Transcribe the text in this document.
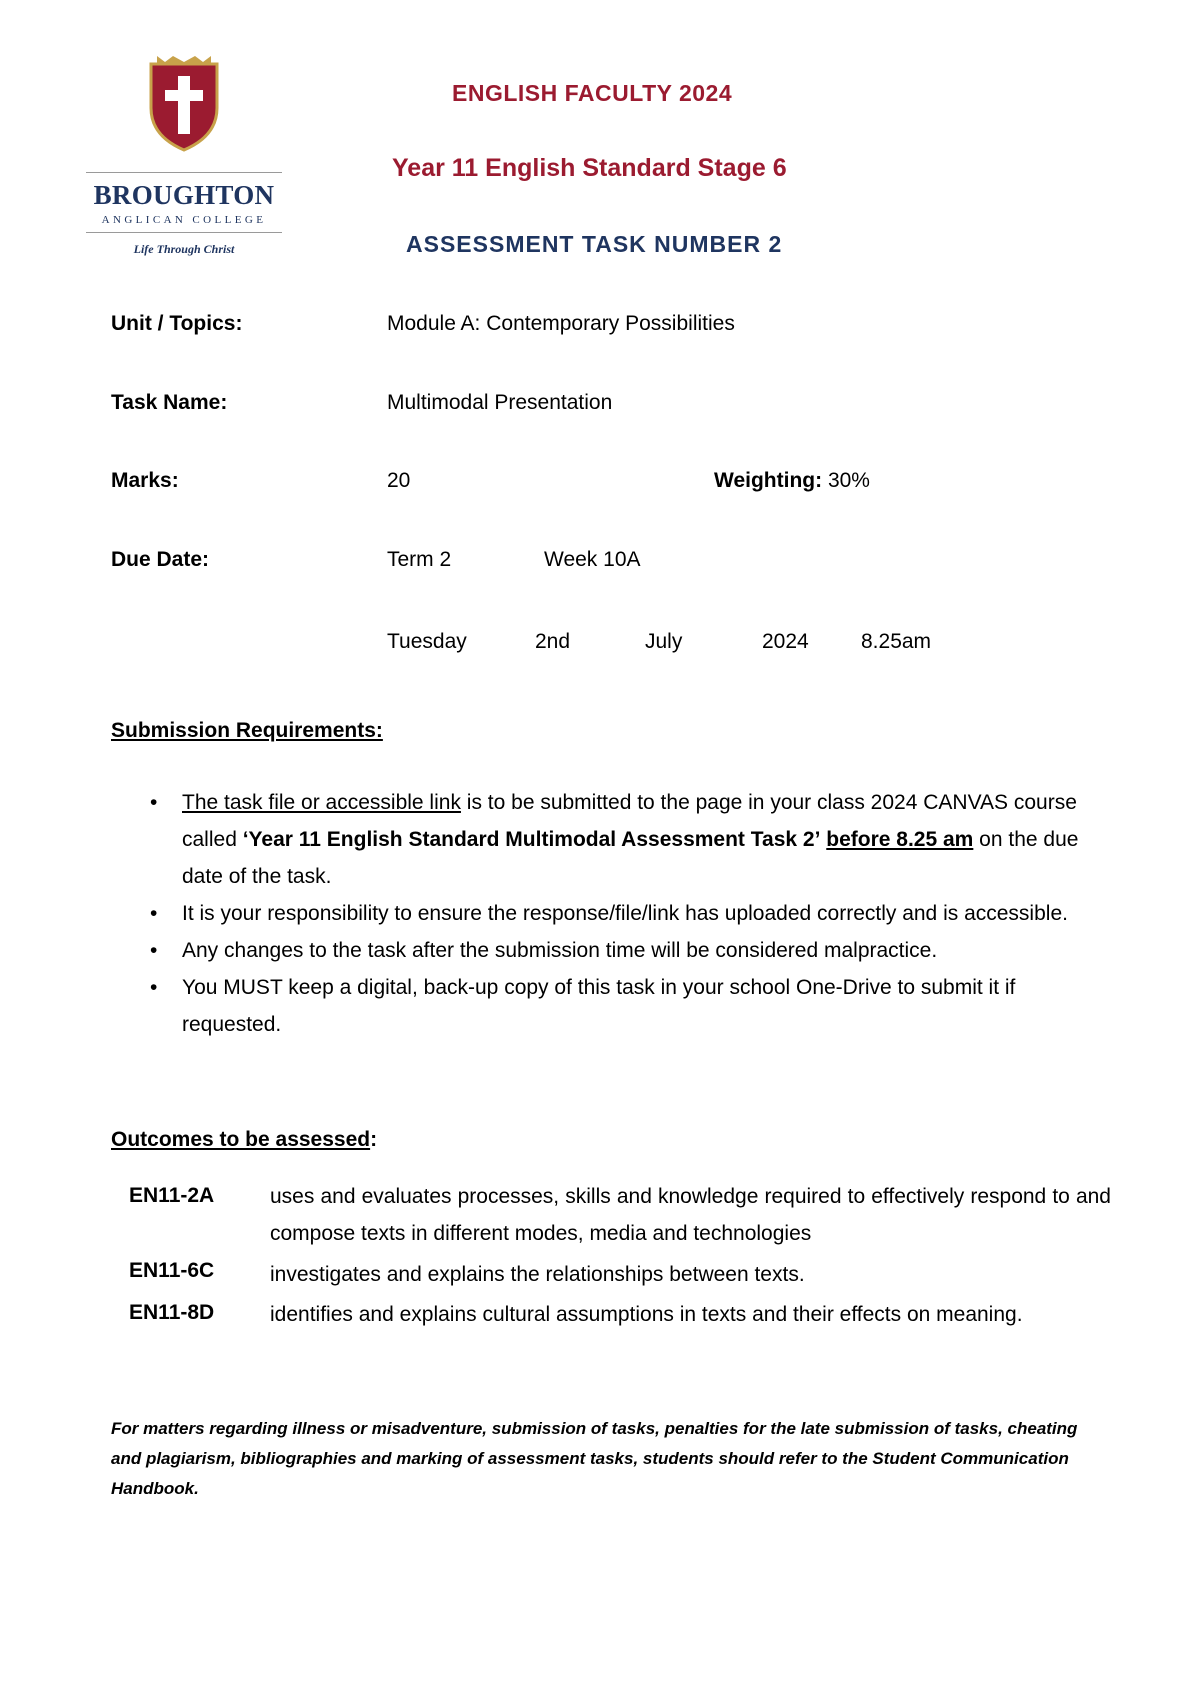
BROUGHTON
ANGLICAN COLLEGE
Life Through Christ
ENGLISH FACULTY 2024
Year 11 English Standard Stage 6
ASSESSMENT TASK NUMBER 2
Unit / Topics:	Module A: Contemporary Possibilities
Task Name:	Multimodal Presentation
Marks:	20	Weighting: 30%
Due Date:	Term 2	Week 10A
Tuesday	2nd	July	2024 8.25am
Submission Requirements:
• The task file or accessible link is to be submitted to the page in your class 2024 CANVAS course called ‘Year 11 English Standard Multimodal Assessment Task 2’ before 8.25 am on the due date of the task.
• It is your responsibility to ensure the response/file/link has uploaded correctly and is accessible.
• Any changes to the task after the submission time will be considered malpractice.
• You MUST keep a digital, back-up copy of this task in your school One-Drive to submit it if requested.
Outcomes to be assessed:
EN11-2A	uses and evaluates processes, skills and knowledge required to effectively respond to and compose texts in different modes, media and technologies
EN11-6C	investigates and explains the relationships between texts.
EN11-8D	identifies and explains cultural assumptions in texts and their effects on meaning.
For matters regarding illness or misadventure, submission of tasks, penalties for the late submission of tasks, cheating and plagiarism, bibliographies and marking of assessment tasks, students should refer to the Student Communication Handbook.
